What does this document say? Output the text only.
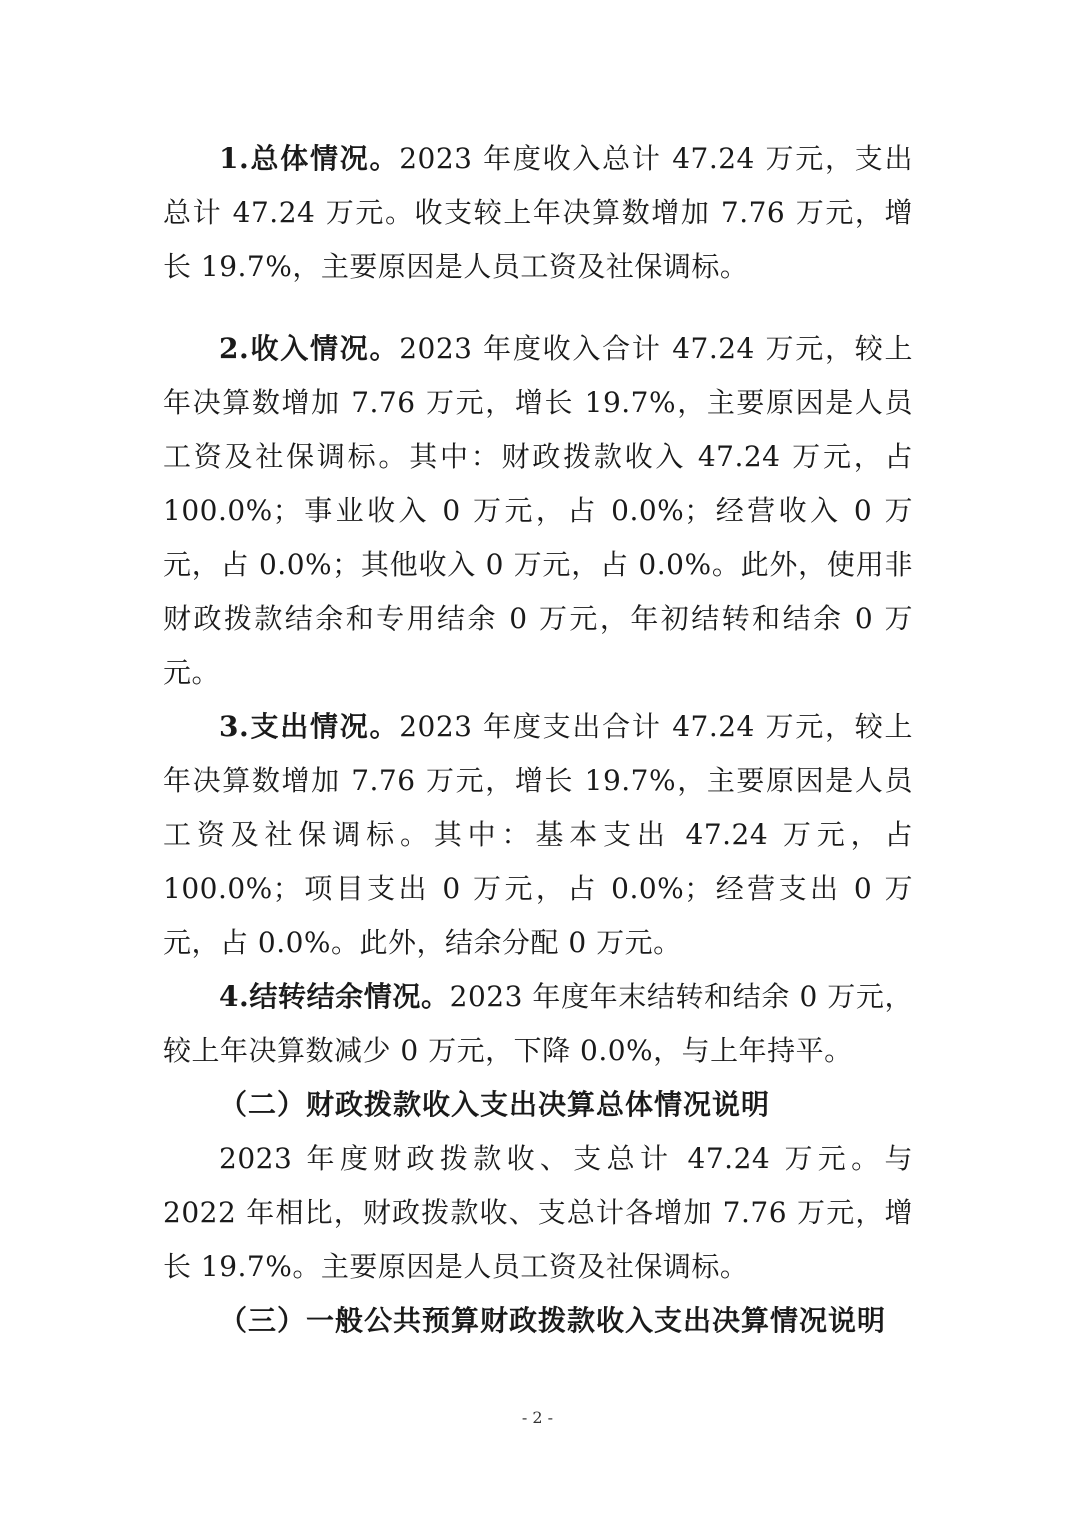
1.总体情况。2023 年度收入总计 47.24 万元，支出总计 47.24 万元。收支较上年决算数增加 7.76 万元，增长 19.7%，主要原因是人员工资及社保调标。

2.收入情况。2023 年度收入合计 47.24 万元，较上年决算数增加 7.76 万元，增长 19.7%，主要原因是人员工资及社保调标。其中：财政拨款收入 47.24 万元，占 100.0%；事业收入 0 万元，占 0.0%；经营收入 0 万元，占 0.0%；其他收入 0 万元，占 0.0%。此外，使用非财政拨款结余和专用结余 0 万元，年初结转和结余 0 万元。

3.支出情况。2023 年度支出合计 47.24 万元，较上年决算数增加 7.76 万元，增长 19.7%，主要原因是人员工资及社保调标。其中：基本支出 47.24 万元，占 100.0%；项目支出 0 万元，占 0.0%；经营支出 0 万元，占 0.0%。此外，结余分配 0 万元。

4.结转结余情况。2023 年度年末结转和结余 0 万元，较上年决算数减少 0 万元，下降 0.0%，与上年持平。

（二）财政拨款收入支出决算总体情况说明

2023 年度财政拨款收、支总计 47.24 万元。与 2022 年相比，财政拨款收、支总计各增加 7.76 万元，增长 19.7%。主要原因是人员工资及社保调标。

（三）一般公共预算财政拨款收入支出决算情况说明
- 2 -
